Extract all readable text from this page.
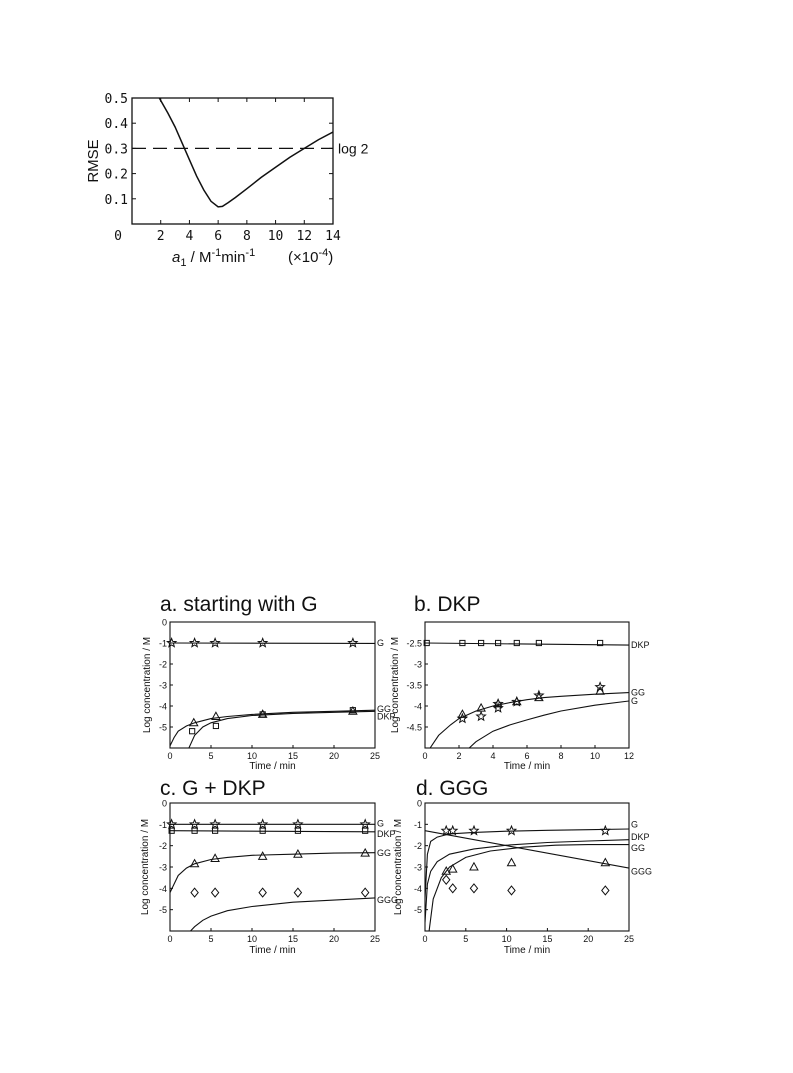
0.1
0.2
0.3
0.4
0.5
0	2 4 6 8 10 12 14
RMSE
$a_1 / M^{-1}\min^{-1}$ $(\times 10^{-4})$
log 2
a. starting with G
0
-1
-2
-3
-4
-5
0	5	10	15	20	25
Time / min
Log concentration / M	G
GG
DKP
b. DKP
-2.5
-3
-3.5
-4
-4.5
0	2	4	6	8	10	12
Time / min
Log concentration / M	DKP
GG
G
c. G + DKP
0
-1
-2
-3
-4
-5
0	5	10	15	20	25
Time / min
Log concentration / M	G
DKP
GG
GGG
d. GGG
0
-1
-2
-3
-4
-5
0	5	10	15	20	25
Time / min
Log concentration / M	G
DKP
GG
GGG
